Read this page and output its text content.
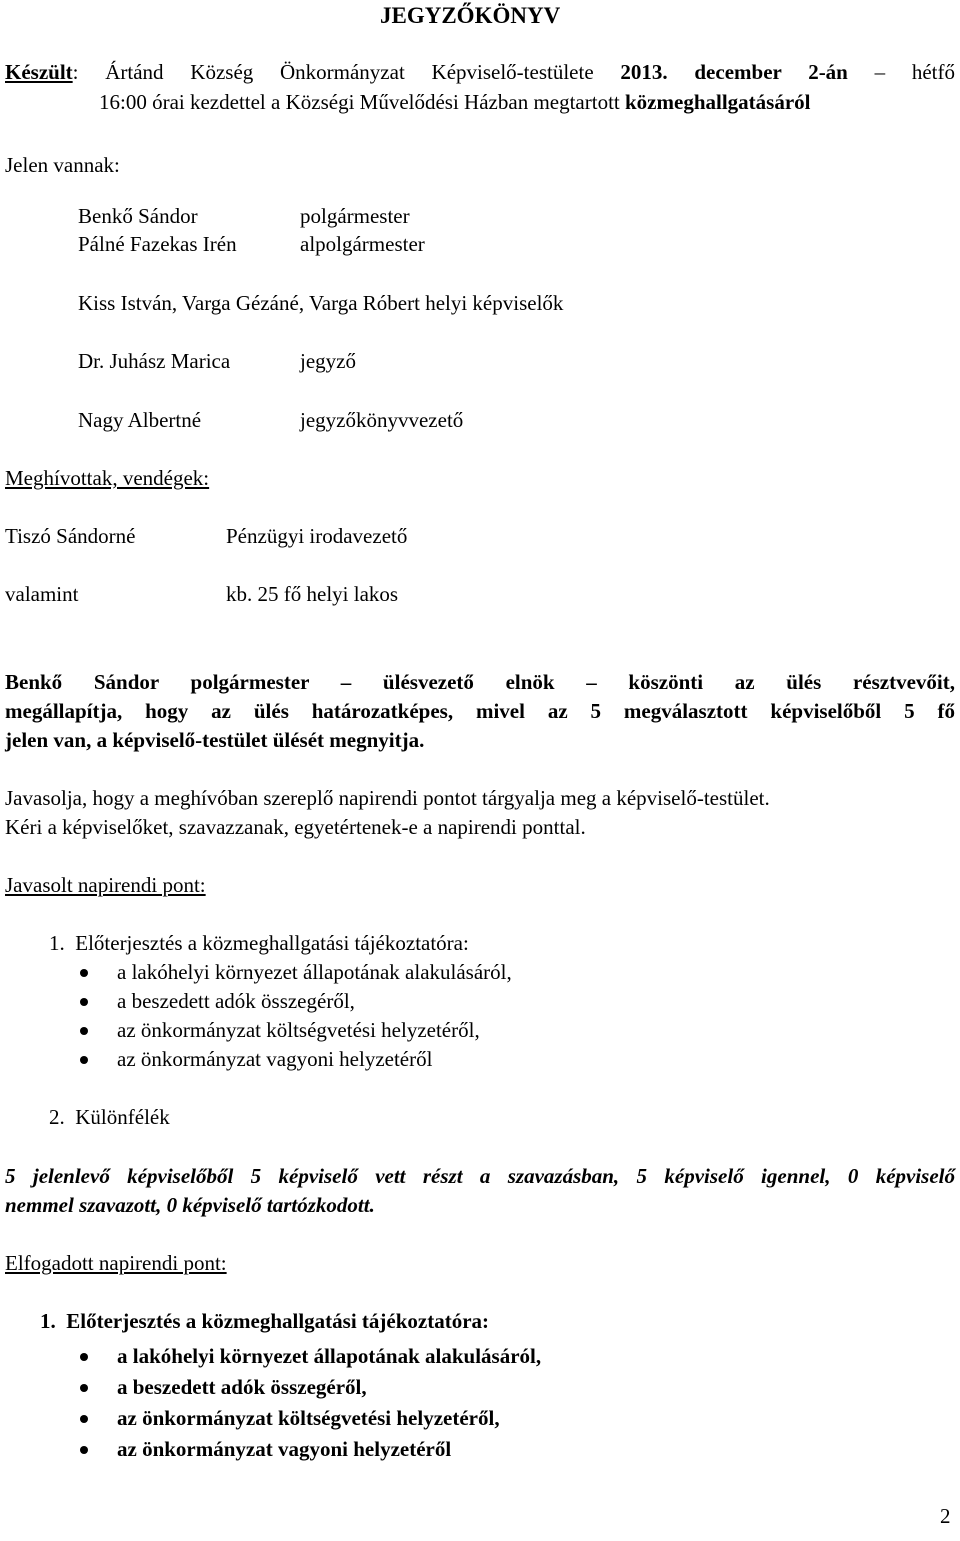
JEGYZŐKÖNYV
Készült: Ártánd Község Önkormányzat Képviselő-testülete 2013. december 2-án – hétfő
16:00 órai kezdettel a Községi Művelődési Házban megtartott közmeghallgatásáról
Jelen vannak:
Benkő Sándor	polgármester
Pálné Fazekas Irén	alpolgármester
Kiss István, Varga Gézáné, Varga Róbert helyi képviselők
Dr. Juhász Marica	jegyző
Nagy Albertné	jegyzőkönyvvezető
Meghívottak, vendégek:
Tiszó Sándorné	Pénzügyi irodavezető
valamint	kb. 25 fő helyi lakos
Benkő Sándor polgármester – ülésvezető elnök – köszönti az ülés résztvevőit,
megállapítja, hogy az ülés határozatképes, mivel az 5 megválasztott képviselőből 5 fő
jelen van, a képviselő-testület ülését megnyitja.
Javasolja, hogy a meghívóban szereplő napirendi pontot tárgyalja meg a képviselő-testület.
Kéri a képviselőket, szavazzanak, egyetértenek-e a napirendi ponttal.
Javasolt napirendi pont:
1.  Előterjesztés a közmeghallgatási tájékoztatóra:
a lakóhelyi környezet állapotának alakulásáról,
a beszedett adók összegéről,
az önkormányzat költségvetési helyzetéről,
az önkormányzat vagyoni helyzetéről
2.  Különfélék
5 jelenlevő képviselőből 5 képviselő vett részt a szavazásban, 5 képviselő igennel, 0 képviselő
nemmel szavazott, 0 képviselő tartózkodott.
Elfogadott napirendi pont:
1.  Előterjesztés a közmeghallgatási tájékoztatóra:
a lakóhelyi környezet állapotának alakulásáról,
a beszedett adók összegéről,
az önkormányzat költségvetési helyzetéről,
az önkormányzat vagyoni helyzetéről
2
